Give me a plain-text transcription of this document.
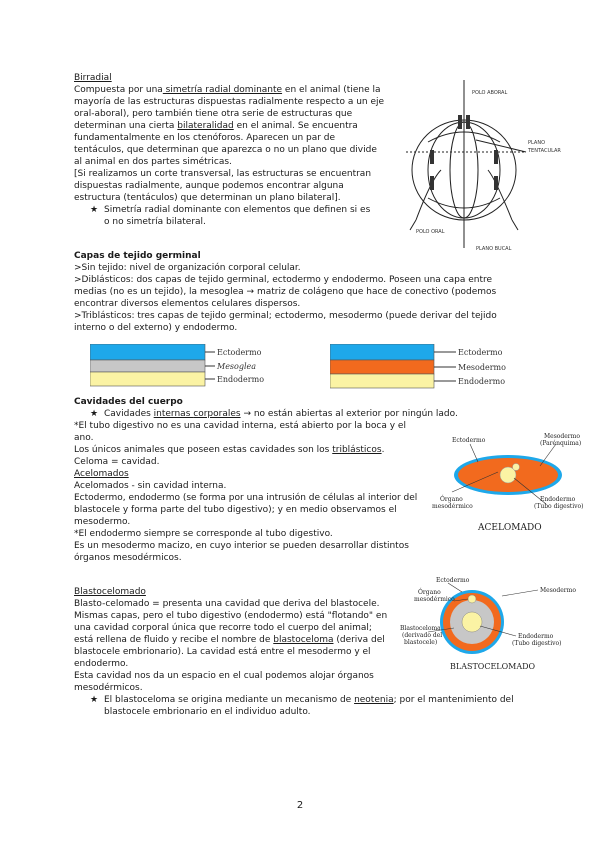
Birradial
Compuesta por una simetría radial dominante en el animal (tiene la
mayoría de las estructuras dispuestas radialmente respecto a un eje
oral-aboral), pero también tiene otra serie de estructuras que
determinan una cierta bilateralidad en el animal. Se encuentra
fundamentalmente en los ctenóforos. Aparecen un par de
tentáculos, que determinan que aparezca o no un plano que divide
al animal en dos partes simétricas.
[Si realizamos un corte transversal, las estructuras se encuentran
dispuestas radialmente, aunque podemos encontrar alguna
estructura (tentáculos) que determinan un plano bilateral].
★ Simetría radial dominante con elementos que definen si es
o no simetría bilateral.
POLO ABORAL
PLANO
TENTACULAR
POLO ORAL
PLANO BUCAL
Capas de tejido germinal
>Sin tejido: nivel de organización corporal celular.
>Diblásticos: dos capas de tejido germinal, ectodermo y endodermo. Poseen una capa entre
medias (no es un tejido), la mesoglea → matriz de colágeno que hace de conectivo (podemos
encontrar diversos elementos celulares dispersos.
>Triblásticos: tres capas de tejido germinal; ectodermo, mesodermo (puede derivar del tejido
interno o del externo) y endodermo.
Ectodermo
Mesoglea
Endodermo
Ectodermo
Mesodermo
Endodermo
Cavidades del cuerpo
★ Cavidades internas corporales → no están abiertas al exterior por ningún lado.
*El tubo digestivo no es una cavidad interna, está abierto por la boca y el
ano.
Los únicos animales que poseen estas cavidades son los triblásticos.
Celoma = cavidad.
Acelomados
Acelomados - sin cavidad interna.
Ectodermo, endodermo (se forma por una intrusión de células al interior del
blastocele y forma parte del tubo digestivo); y en medio observamos el
mesodermo.
*El endodermo siempre se corresponde al tubo digestivo.
Es un mesodermo macizo, en cuyo interior se pueden desarrollar distintos
órganos mesodérmicos.
Ectodermo
Mesodermo
(Parénquima)
Órgano
mesodérmico
Endodermo
(Tubo digestivo)
ACELOMADO
Blastocelomado
Blasto-celomado = presenta una cavidad que deriva del blastocele.
Mismas capas, pero el tubo digestivo (endodermo) está "flotando" en
una cavidad corporal única que recorre todo el cuerpo del animal;
está rellena de fluido y recibe el nombre de blastoceloma (deriva del
blastocele embrionario). La cavidad está entre el mesodermo y el
endodermo.
Esta cavidad nos da un espacio en el cual podemos alojar órganos
mesodérmicos.
★ El blastoceloma se origina mediante un mecanismo de neotenia; por el mantenimiento del
blastocele embrionario en el individuo adulto.
Ectodermo
Órgano
mesodérmico
Mesodermo
Blastoceloma
(derivado del
blastocele)
Endodermo
(Tubo digestivo)
BLASTOCELOMADO
2
